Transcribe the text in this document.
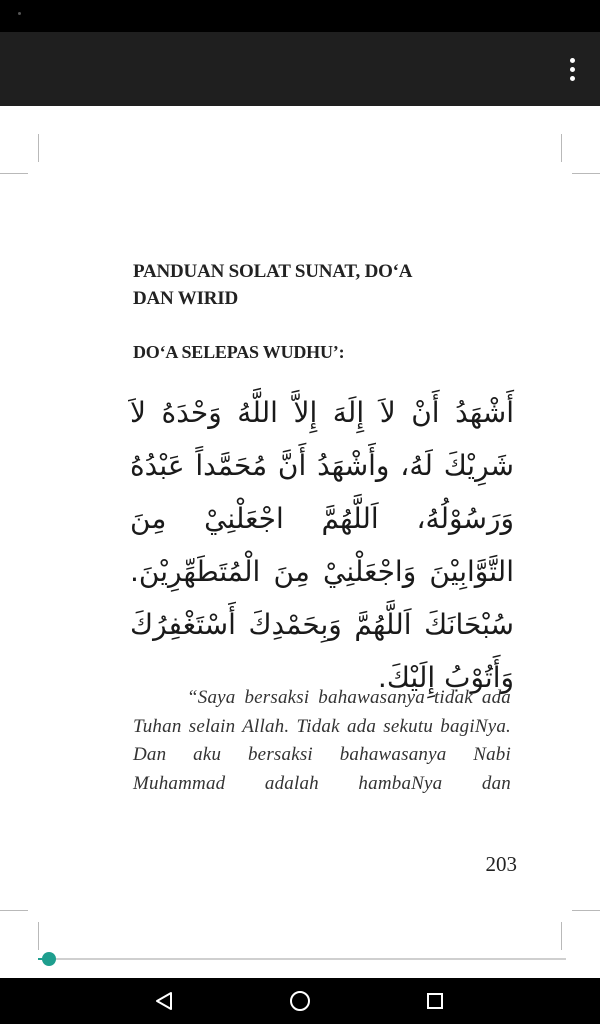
PANDUAN SOLAT SUNAT, DO‘A
DAN WIRID
DO‘A SELEPAS WUDHU’:
أَشْهَدُ أَنْ لاَ إِلَهَ إِلاَّ اللَّهُ وَحْدَهُ لاَ شَرِيْكَ لَهُ، وأَشْهَدُ أَنَّ مُحَمَّداً عَبْدُهُ وَرَسُوْلُهُ، اَللَّهُمَّ اجْعَلْنِيْ مِنَ التَّوَّابِيْنَ وَاجْعَلْنِيْ مِنَ الْمُتَطَهِّرِيْنَ. سُبْحَانَكَ اَللَّهُمَّ وَبِحَمْدِكَ أَسْتَغْفِرُكَ وَأَتُوْبُ إِلَيْكَ.
“Saya bersaksi bahawasanya tidak ada Tuhan selain Allah. Tidak ada sekutu bagiNya. Dan aku bersaksi bahawasanya Nabi Muhammad adalah hambaNya dan
203
